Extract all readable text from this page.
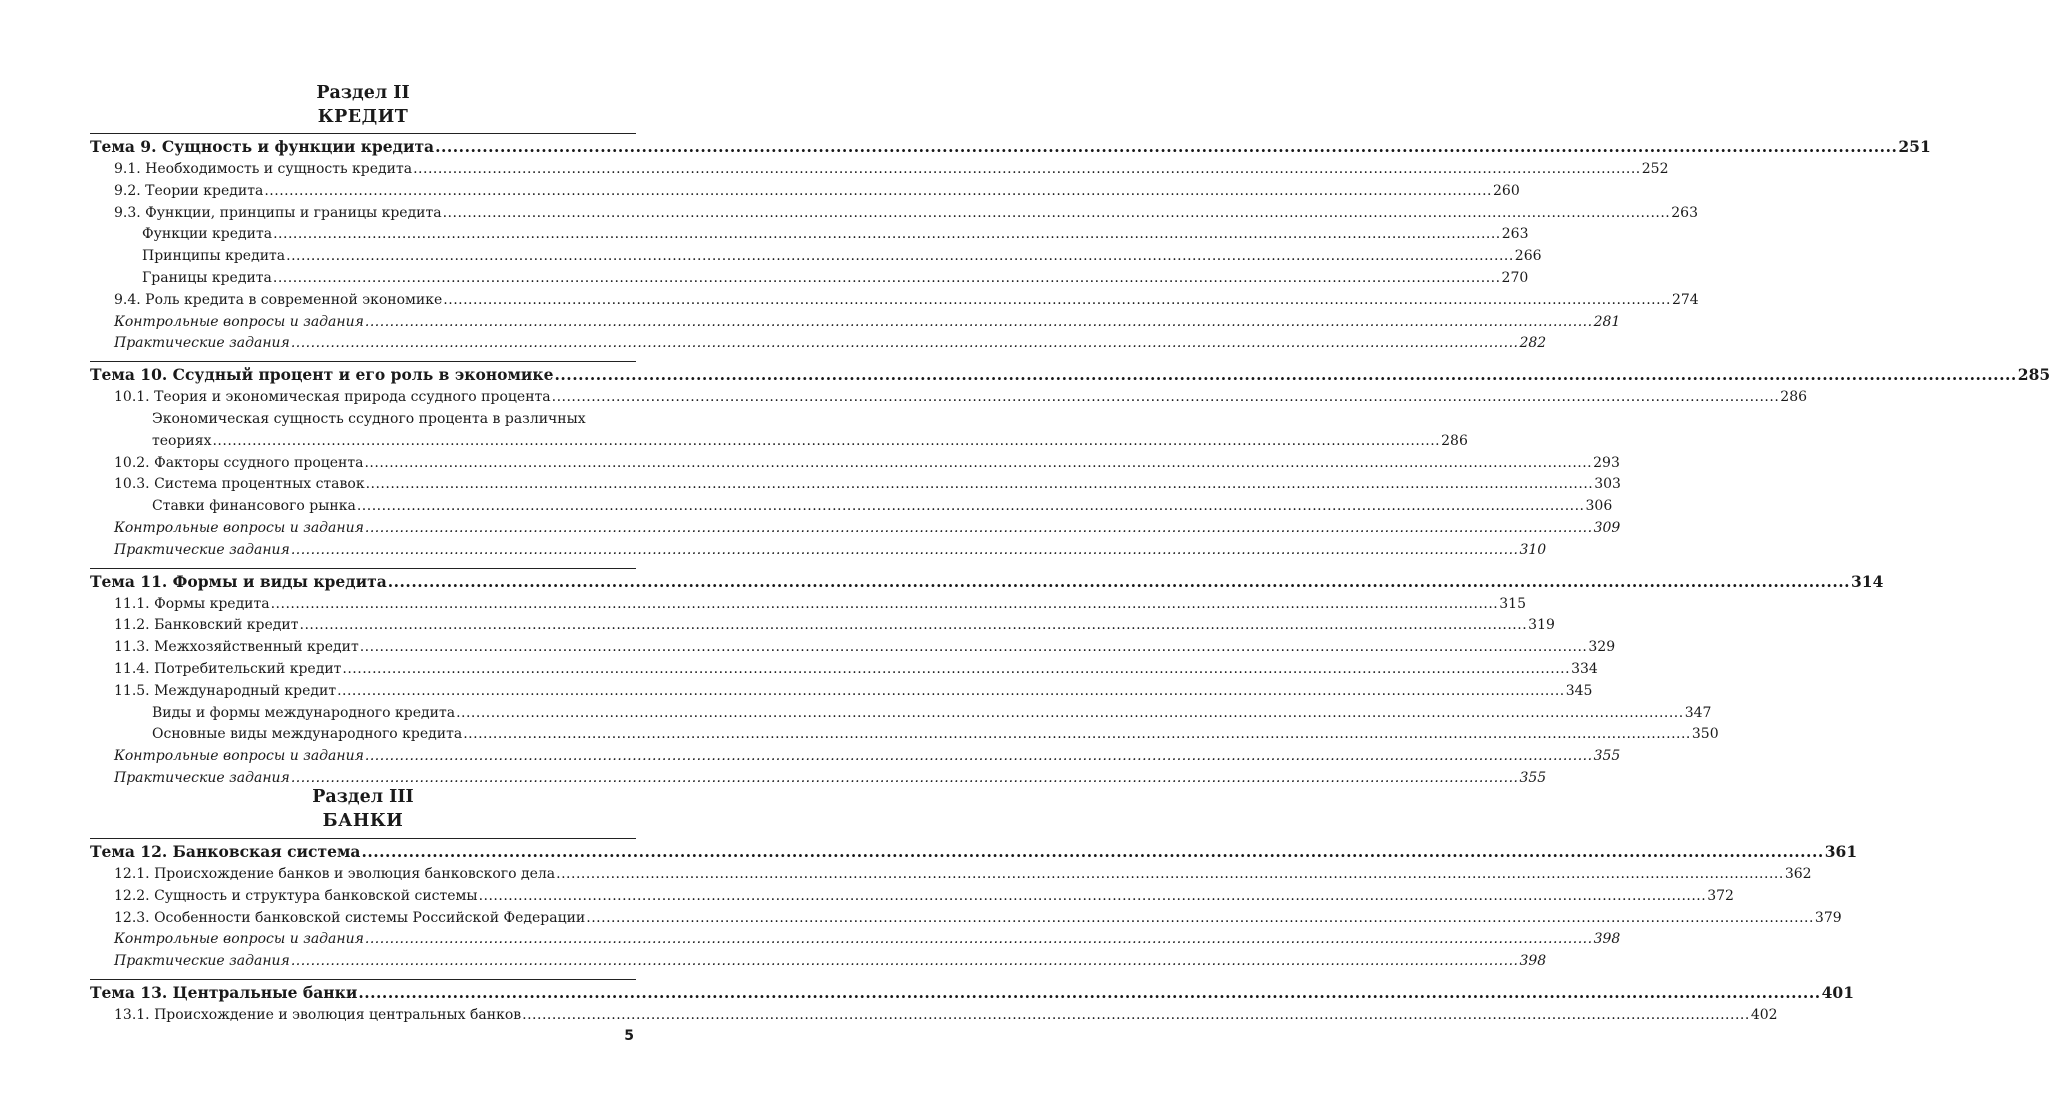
Раздел II
КРЕДИТ
Тема 9. Сущность и функции кредита .....	251
9.1. Необходимость и сущность кредита .....	252
9.2. Теории кредита .....	260
9.3. Функции, принципы и границы кредита .....	263
Функции кредита .....	263
Принципы кредита .....	266
Границы кредита .....	270
9.4. Роль кредита в современной экономике .....	274
Контрольные вопросы и задания .....	281
Практические задания .....	282
Тема 10. Ссудный процент и его роль в экономике .....	285
10.1. Теория и экономическая природа ссудного процента .....	286
Экономическая сущность ссудного процента в различных
теориях .....	286
10.2. Факторы ссудного процента .....	293
10.3. Система процентных ставок .....	303
Ставки финансового рынка .....	306
Контрольные вопросы и задания .....	309
Практические задания .....	310
Тема 11. Формы и виды кредита .....	314
11.1. Формы кредита .....	315
11.2. Банковский кредит .....	319
11.3. Межхозяйственный кредит .....	329
11.4. Потребительский кредит .....	334
11.5. Международный кредит .....	345
Виды и формы международного кредита .....	347
Основные виды международного кредита .....	350
Контрольные вопросы и задания .....	355
Практические задания .....	355
Раздел III
БАНКИ
Тема 12. Банковская система .....	361
12.1. Происхождение банков и эволюция банковского дела .....	362
12.2. Сущность и структура банковской системы .....	372
12.3. Особенности банковской системы Российской Федерации .....	379
Контрольные вопросы и задания .....	398
Практические задания .....	398
Тема 13. Центральные банки .....	401
13.1. Происхождение и эволюция центральных банков .....	402
5
